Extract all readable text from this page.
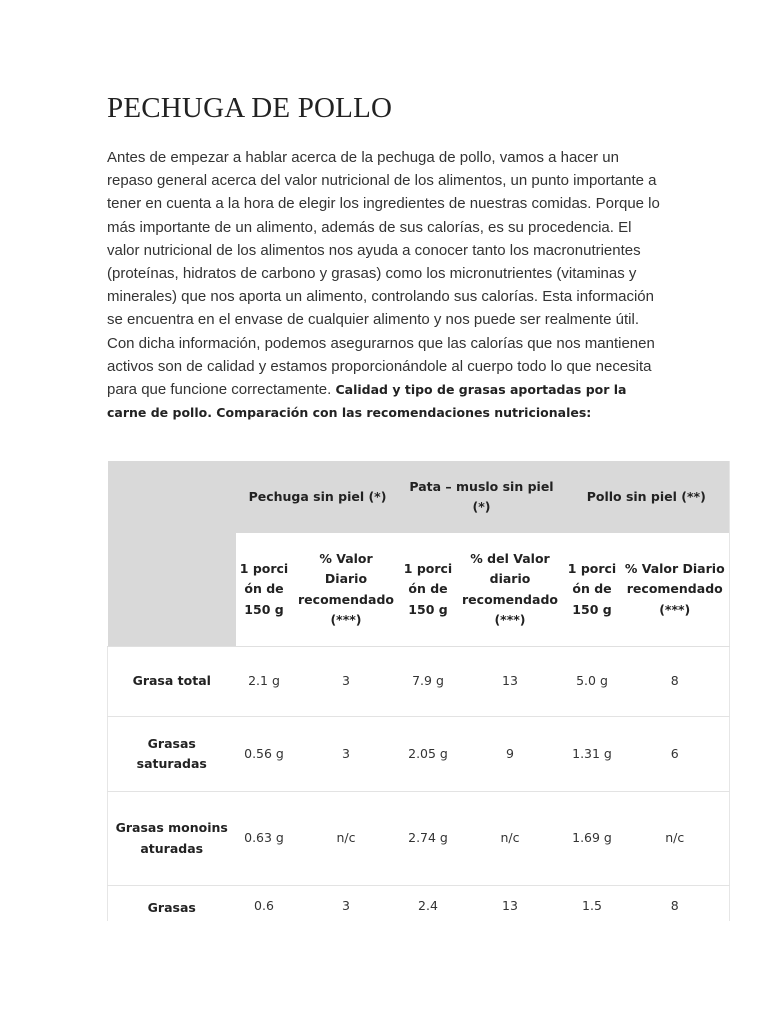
PECHUGA DE POLLO

Antes de empezar a hablar acerca de la pechuga de pollo, vamos a hacer un repaso general acerca del valor nutricional de los alimentos, un punto importante a tener en cuenta a la hora de elegir los ingredientes de nuestras comidas. Porque lo más importante de un alimento, además de sus calorías, es su procedencia. El valor nutricional de los alimentos nos ayuda a conocer tanto los macronutrientes (proteínas, hidratos de carbono y grasas) como los micronutrientes (vitaminas y minerales) que nos aporta un alimento, controlando sus calorías. Esta información se encuentra en el envase de cualquier alimento y nos puede ser realmente útil. Con dicha información, podemos asegurarnos que las calorías que nos mantienen activos son de calidad y estamos proporcionándole al cuerpo todo lo que necesita para que funcione correctamente. Calidad y tipo de grasas aportadas por la carne de pollo. Comparación con las recomendaciones nutricionales:

	Pechuga sin piel (*)		Pata – muslo sin piel (*)		Pollo sin piel (**)	
	1 porción de 150 g	% Valor Diario recomendado (***)	1 porción de 150 g	% del Valor diario recomendado (***)	1 porción de 150 g	% Valor Diario recomendado (***)
Grasa total	2.1 g	3	7.9 g	13	5.0 g	8
Grasas saturadas	0.56 g	3	2.05 g	9	1.31 g	6
Grasas monoinsaturadas	0.63 g	n/c	2.74 g	n/c	1.69 g	n/c
Grasas	0.6	3	2.4	13	1.5	8
